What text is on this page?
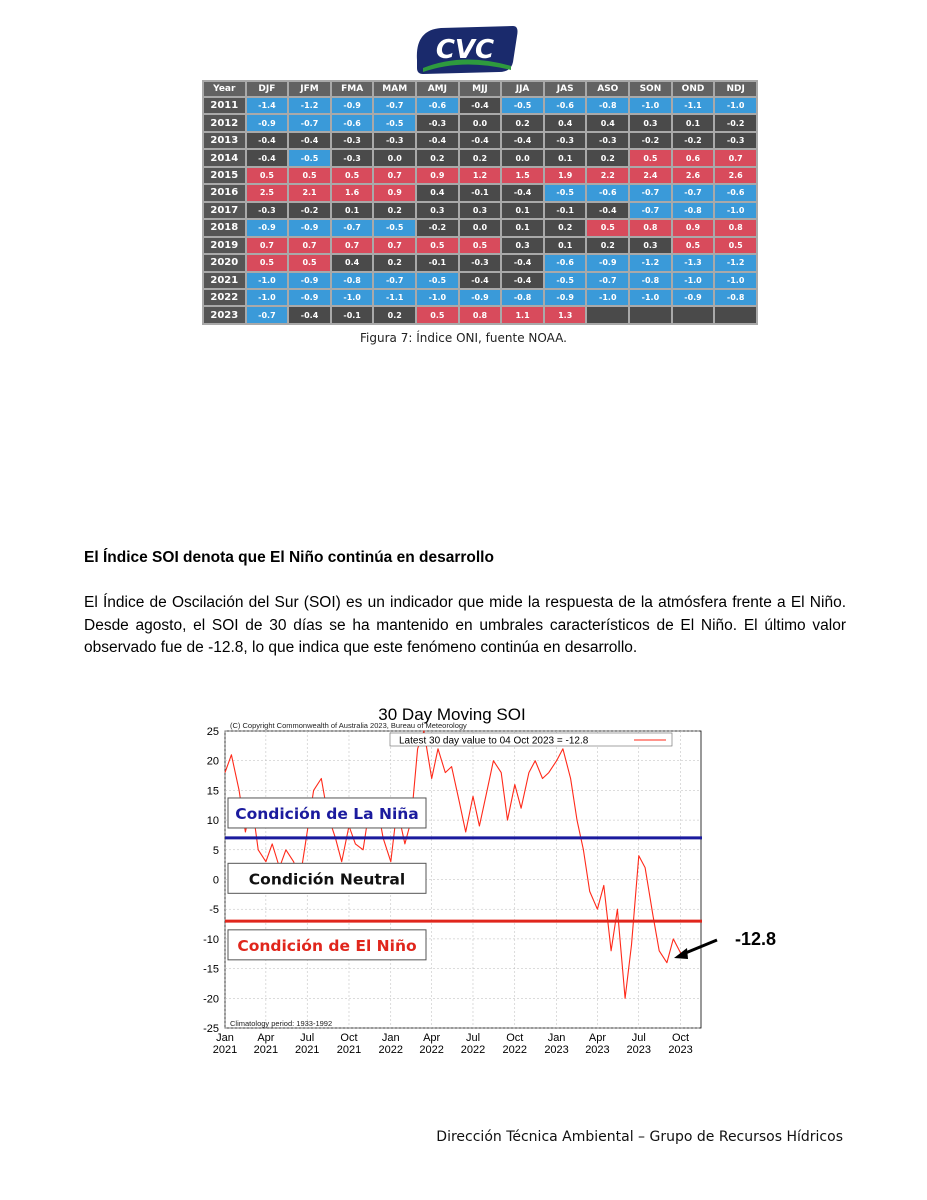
CVC
Year	DJF	JFM	FMA	MAM	AMJ	MJJ	JJA	JAS	ASO	SON	OND	NDJ
2011	-1.4	-1.2	-0.9	-0.7	-0.6	-0.4	-0.5	-0.6	-0.8	-1.0	-1.1	-1.0
2012	-0.9	-0.7	-0.6	-0.5	-0.3	0.0	0.2	0.4	0.4	0.3	0.1	-0.2
2013	-0.4	-0.4	-0.3	-0.3	-0.4	-0.4	-0.4	-0.3	-0.3	-0.2	-0.2	-0.3
2014	-0.4	-0.5	-0.3	0.0	0.2	0.2	0.0	0.1	0.2	0.5	0.6	0.7
2015	0.5	0.5	0.5	0.7	0.9	1.2	1.5	1.9	2.2	2.4	2.6	2.6
2016	2.5	2.1	1.6	0.9	0.4	-0.1	-0.4	-0.5	-0.6	-0.7	-0.7	-0.6
2017	-0.3	-0.2	0.1	0.2	0.3	0.3	0.1	-0.1	-0.4	-0.7	-0.8	-1.0
2018	-0.9	-0.9	-0.7	-0.5	-0.2	0.0	0.1	0.2	0.5	0.8	0.9	0.8
2019	0.7	0.7	0.7	0.7	0.5	0.5	0.3	0.1	0.2	0.3	0.5	0.5
2020	0.5	0.5	0.4	0.2	-0.1	-0.3	-0.4	-0.6	-0.9	-1.2	-1.3	-1.2
2021	-1.0	-0.9	-0.8	-0.7	-0.5	-0.4	-0.4	-0.5	-0.7	-0.8	-1.0	-1.0
2022	-1.0	-0.9	-1.0	-1.1	-1.0	-0.9	-0.8	-0.9	-1.0	-1.0	-0.9	-0.8
2023	-0.7	-0.4	-0.1	0.2	0.5	0.8	1.1	1.3				
Figura 7: Índice ONI, fuente NOAA.
El Índice SOI denota que El Niño continúa en desarrollo
El Índice de Oscilación del Sur (SOI) es un indicador que mide la respuesta de la atmósfera frente a El Niño. Desde agosto, el SOI de 30 días se ha mantenido en umbrales característicos de El Niño. El último valor observado fue de -12.8, lo que indica que este fenómeno continúa en desarrollo.
30 Day Moving SOI
25
20
15
10
5
0
-5
-10
-15
-20
-25
Jan
2021
Apr
2021
Jul
2021
Oct
2021
Jan
2022
Apr
2022
Jul
2022
Oct
2022
Jan
2023
Apr
2023
Jul
2023
Oct
2023
(C) Copyright Commonwealth of Australia 2023, Bureau of Meteorology
Latest 30 day value to 04 Oct 2023 = -12.8
Climatology period: 1933-1992
Condición de La Niña
Condición Neutral
Condición de El Niño	-12.8
Dirección Técnica Ambiental – Grupo de Recursos Hídricos
